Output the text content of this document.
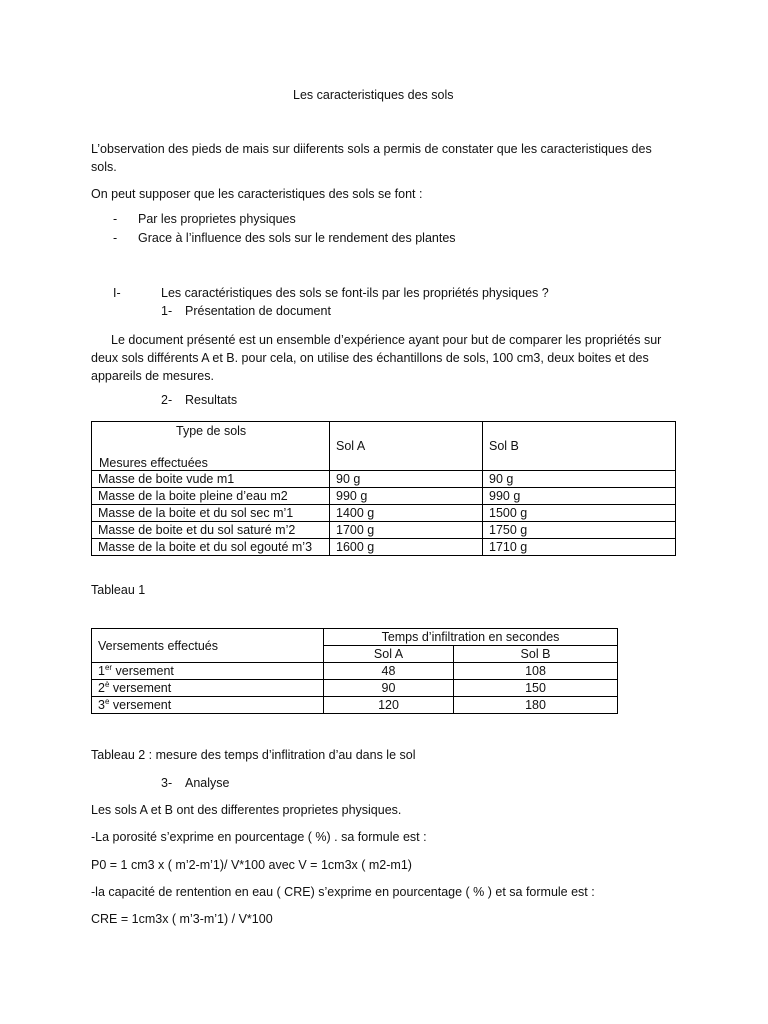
Les caracteristiques des sols
L’observation des pieds de mais sur diiferents sols a permis de constater que les caracteristiques des sols.
On peut supposer que les caracteristiques des sols se font :
- Par les proprietes physiques
- Grace à l’influence des sols sur le rendement des plantes
I-	Les caractéristiques des sols se font-ils par les propriétés physiques ?
1- Présentation de document
Le document présenté est un ensemble d’expérience ayant pour but de comparer les propriétés sur deux sols différents A et B. pour cela, on utilise des échantillons de sols, 100 cm3, deux boites et des appareils de mesures.
2- Resultats
Type de sols
Mesures effectuées	Sol A	Sol B
Masse de boite vude m1	90 g	90 g
Masse de la boite pleine d’eau m2	990 g	990 g
Masse de la boite et du sol sec m’1	1400 g	1500 g
Masse de boite et du sol saturé m’2	1700 g	1750 g
Masse de la boite et du sol egouté m’3	1600 g	1710 g
Tableau 1
Versements effectués	Temps d’infiltration en secondes	
	Sol A	Sol B
1er versement	48	108
$2^è$ versement	90	150
3e versement	120	180
Tableau 2 : mesure des temps d’inflitration d’au dans le sol
3- Analyse
Les sols A et B ont des differentes proprietes physiques.
-La porosité s’exprime en pourcentage ( %) . sa formule est :
P0 = 1 cm3 x ( m’2-m’1)/ V*100 avec V = 1cm3x ( m2-m1)
-la capacité de rentention en eau ( CRE) s’exprime en pourcentage ( % ) et sa formule est :
CRE = 1cm3x ( m’3-m’1) / V*100
